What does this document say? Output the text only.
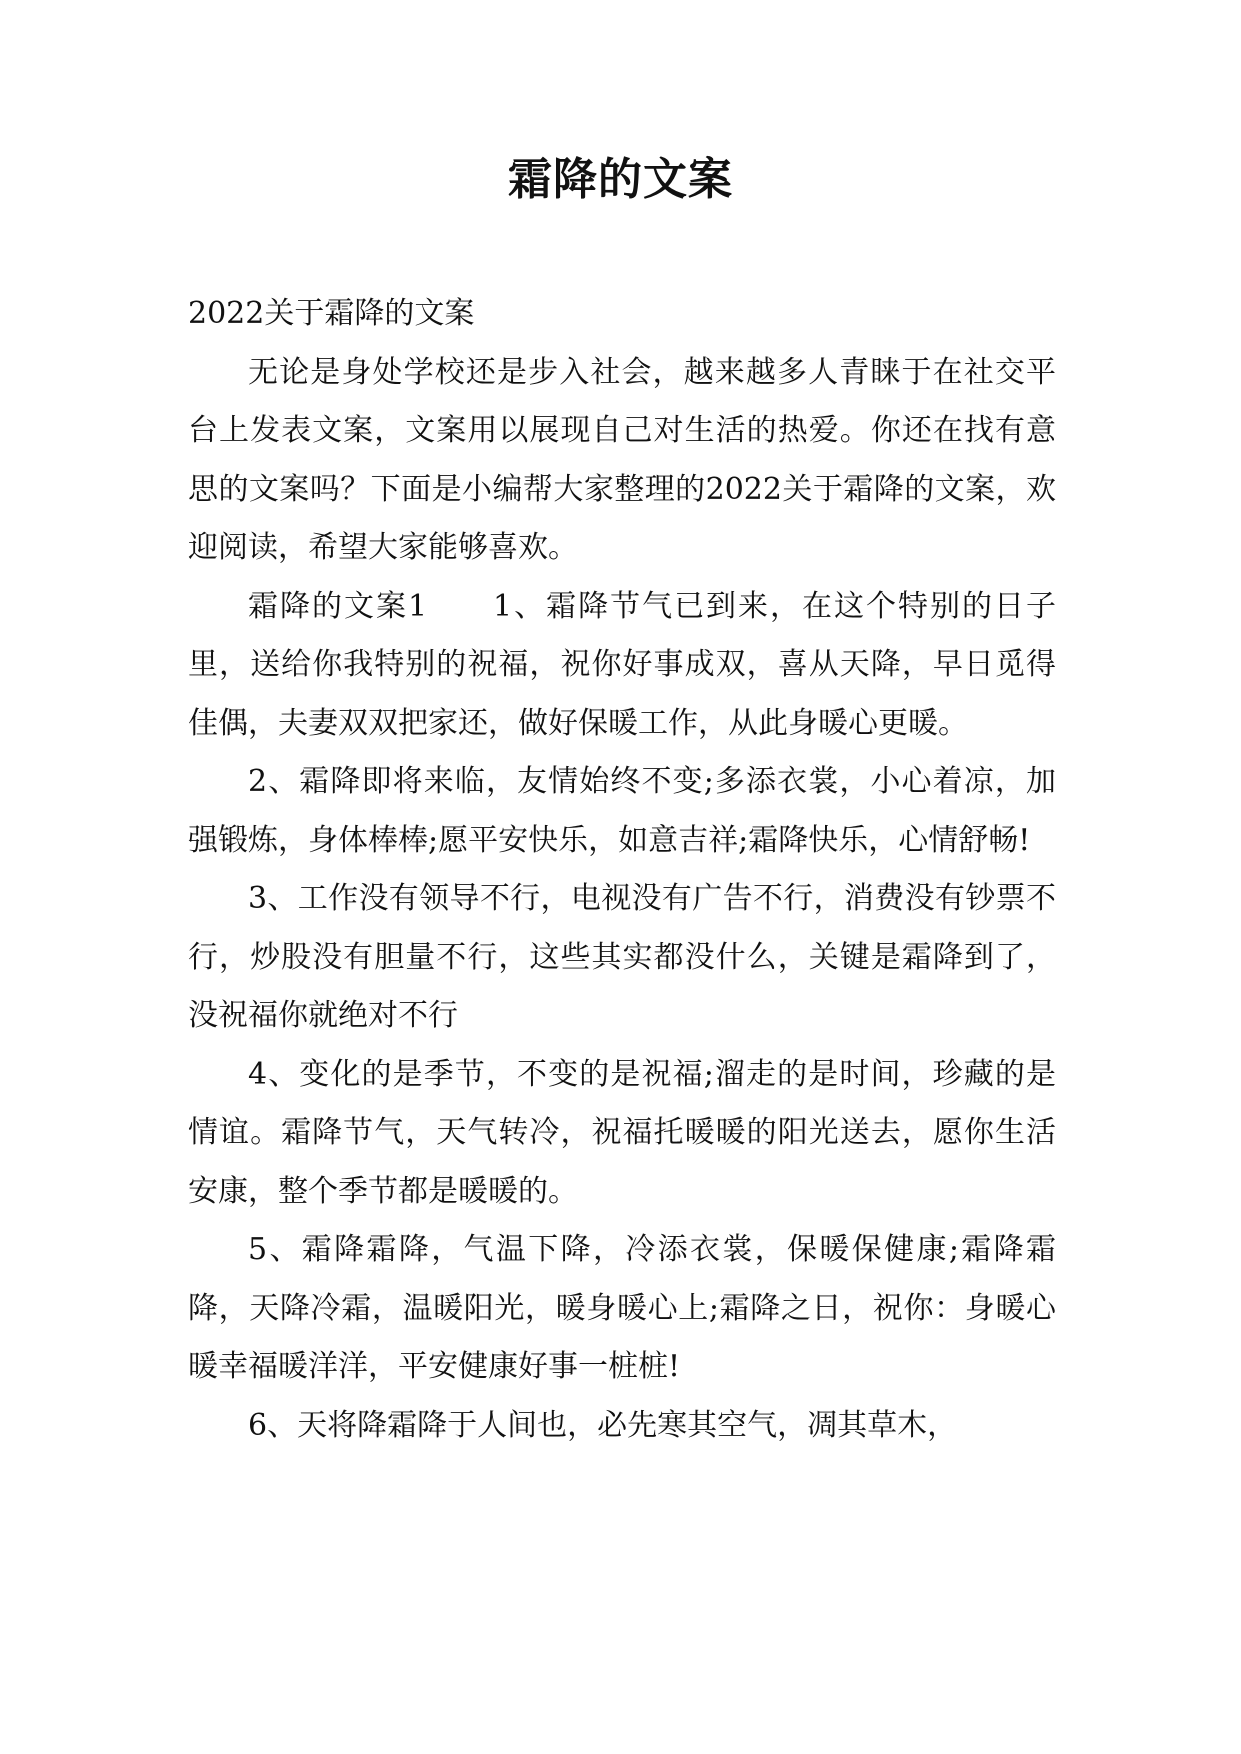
霜降的文案

2022关于霜降的文案

无论是身处学校还是步入社会，越来越多人青睐于在社交平台上发表文案，文案用以展现自己对生活的热爱。你还在找有意思的文案吗？下面是小编帮大家整理的2022关于霜降的文案，欢迎阅读，希望大家能够喜欢。

霜降的文案1　　1、霜降节气已到来，在这个特别的日子里，送给你我特别的祝福，祝你好事成双，喜从天降，早日觅得佳偶，夫妻双双把家还，做好保暖工作，从此身暖心更暖。

2、霜降即将来临，友情始终不变;多添衣裳，小心着凉，加强锻炼，身体棒棒;愿平安快乐，如意吉祥;霜降快乐，心情舒畅!

3、工作没有领导不行，电视没有广告不行，消费没有钞票不行，炒股没有胆量不行，这些其实都没什么，关键是霜降到了，没祝福你就绝对不行

4、变化的是季节，不变的是祝福;溜走的是时间，珍藏的是情谊。霜降节气，天气转冷，祝福托暖暖的阳光送去，愿你生活安康，整个季节都是暖暖的。

5、霜降霜降，气温下降，冷添衣裳，保暖保健康;霜降霜降，天降冷霜，温暖阳光，暖身暖心上;霜降之日，祝你：身暖心暖幸福暖洋洋，平安健康好事一桩桩!

6、天将降霜降于人间也，必先寒其空气，凋其草木，
